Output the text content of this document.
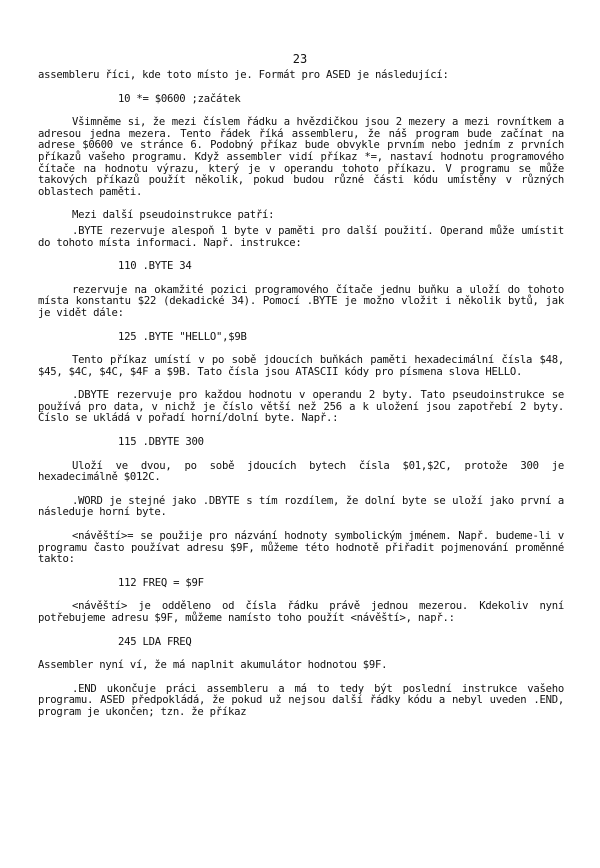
23

assembleru říci, kde toto místo je. Formát pro ASED je následující:

10 *= $0600 ;začátek

Všimněme si, že mezi číslem řádku a hvězdičkou jsou 2 mezery a mezi rovnítkem a adresou jedna mezera. Tento řádek říká assembleru, že náš program bude začínat na adrese $0600 ve stránce 6. Podobný příkaz bude obvykle prvním nebo jedním z prvních příkazů vašeho programu. Když assembler vidí příkaz *=, nastaví hodnotu programového čítače na hodnotu výrazu, který je v operandu tohoto příkazu. V programu se může takových příkazů použít několik, pokud budou různé části kódu umístěny v různých oblastech paměti.

Mezi další pseudoinstrukce patří:

.BYTE rezervuje alespoň 1 byte v paměti pro další použití. Operand může umístit do tohoto místa informaci. Např. instrukce:

110 .BYTE 34

rezervuje na okamžité pozici programového čítače jednu buňku a uloží do tohoto místa konstantu $22 (dekadické 34). Pomocí .BYTE je možno vložit i několik bytů, jak je vidět dále:

125 .BYTE "HELLO",$9B

Tento příkaz umístí v po sobě jdoucích buňkách paměti hexadecimální čísla $48, $45, $4C, $4C, $4F a $9B. Tato čísla jsou ATASCII kódy pro písmena slova HELLO.

.DBYTE rezervuje pro každou hodnotu v operandu 2 byty. Tato pseudoinstrukce se používá pro data, v nichž je číslo větší než 256 a k uložení jsou zapotřebí 2 byty. Číslo se ukládá v pořadí horní/dolní byte. Např.:

115 .DBYTE 300

Uloží ve dvou, po sobě jdoucích bytech čísla $01,$2C, protože 300 je hexadecimálně $012C.

.WORD je stejné jako .DBYTE s tím rozdílem, že dolní byte se uloží jako první a následuje horní byte.

<návěští>= se použije pro názvání hodnoty symbolickým jménem. Např. budeme-li v programu často používat adresu $9F, můžeme této hodnotě přiřadit pojmenování proměnné takto:

112 FREQ = $9F

<návěští> je odděleno od čísla řádku právě jednou mezerou. Kdekoliv nyní potřebujeme adresu $9F, můžeme namísto toho použít <návěští>, např.:

245 LDA FREQ

Assembler nyní ví, že má naplnit akumulátor hodnotou $9F.

.END ukončuje práci assembleru a má to tedy být poslední instrukce vašeho programu. ASED předpokládá, že pokud už nejsou další řádky kódu a nebyl uveden .END, program je ukončen; tzn. že příkaz
